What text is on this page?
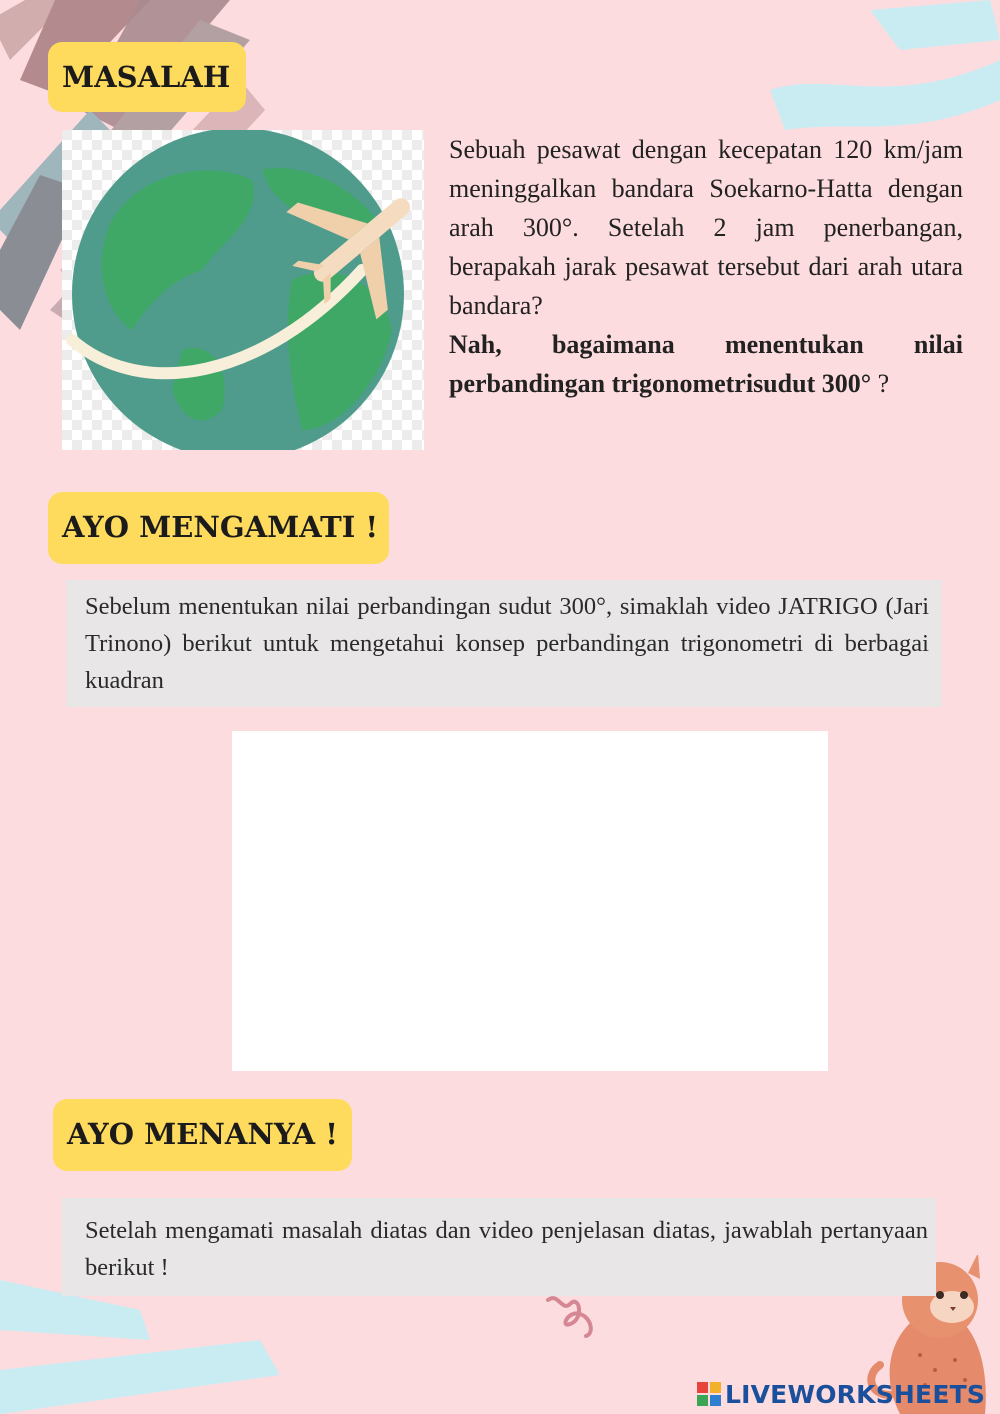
MASALAH

Sebuah pesawat dengan kecepatan 120 km/jam meninggalkan bandara Soekarno-Hatta dengan arah 300°. Setelah 2 jam penerbangan, berapakah jarak pesawat tersebut dari arah utara bandara?

Nah, bagaimana menentukan nilai perbandingan trigonometrisudut 300° ?

AYO MENGAMATI !
Sebelum menentukan nilai perbandingan sudut 300°, simaklah video JATRIGO (Jari Trinono) berikut untuk mengetahui konsep perbandingan trigonometri di berbagai kuadran
AYO MENANYA !
Setelah mengamati masalah diatas dan video penjelasan diatas, jawablah pertanyaan berikut !
LIVEWORKSHEETS
